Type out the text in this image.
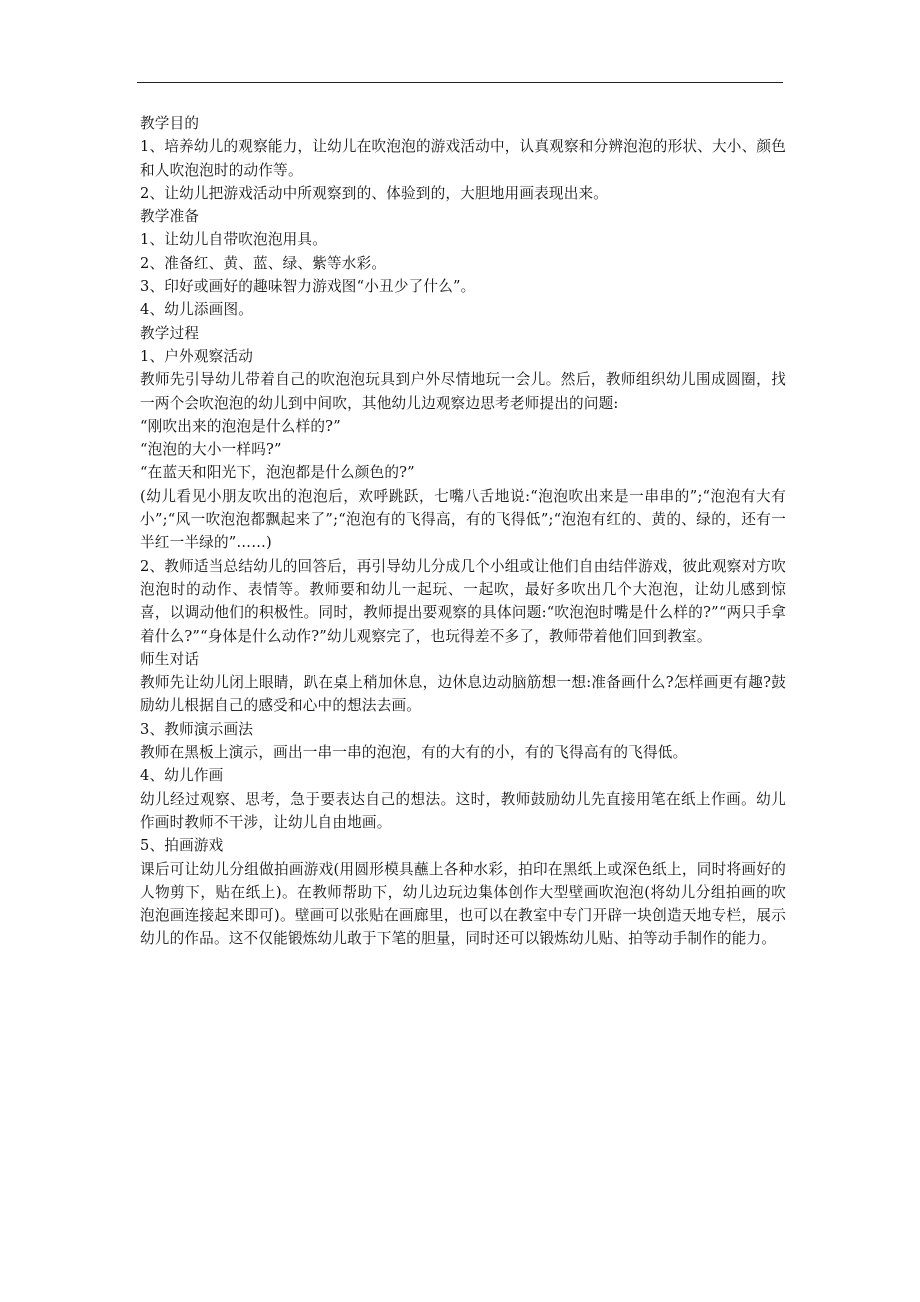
教学目的

1、培养幼儿的观察能力，让幼儿在吹泡泡的游戏活动中，认真观察和分辨泡泡的形状、大小、颜色和人吹泡泡时的动作等。

2、让幼儿把游戏活动中所观察到的、体验到的，大胆地用画表现出来。

教学准备

1、让幼儿自带吹泡泡用具。

2、准备红、黄、蓝、绿、紫等水彩。

3、印好或画好的趣味智力游戏图“小丑少了什么”。

4、幼儿添画图。

教学过程

1、户外观察活动

教师先引导幼儿带着自己的吹泡泡玩具到户外尽情地玩一会儿。然后，教师组织幼儿围成圆圈，找一两个会吹泡泡的幼儿到中间吹，其他幼儿边观察边思考老师提出的问题:

“刚吹出来的泡泡是什么样的?”

“泡泡的大小一样吗?”

“在蓝天和阳光下，泡泡都是什么颜色的?”

(幼儿看见小朋友吹出的泡泡后，欢呼跳跃，七嘴八舌地说:“泡泡吹出来是一串串的”;“泡泡有大有小”;“风一吹泡泡都飘起来了”;“泡泡有的飞得高，有的飞得低”;“泡泡有红的、黄的、绿的，还有一半红一半绿的”……)

2、教师适当总结幼儿的回答后，再引导幼儿分成几个小组或让他们自由结伴游戏，彼此观察对方吹泡泡时的动作、表情等。教师要和幼儿一起玩、一起吹，最好多吹出几个大泡泡，让幼儿感到惊喜，以调动他们的积极性。同时，教师提出要观察的具体问题:“吹泡泡时嘴是什么样的?”“两只手拿着什么?”“身体是什么动作?”幼儿观察完了，也玩得差不多了，教师带着他们回到教室。

师生对话

教师先让幼儿闭上眼睛，趴在桌上稍加休息，边休息边动脑筋想一想:准备画什么?怎样画更有趣?鼓励幼儿根据自己的感受和心中的想法去画。

3、教师演示画法

教师在黑板上演示，画出一串一串的泡泡，有的大有的小，有的飞得高有的飞得低。

4、幼儿作画

幼儿经过观察、思考，急于要表达自己的想法。这时，教师鼓励幼儿先直接用笔在纸上作画。幼儿作画时教师不干涉，让幼儿自由地画。

5、拍画游戏

课后可让幼儿分组做拍画游戏(用圆形模具蘸上各种水彩，拍印在黑纸上或深色纸上，同时将画好的人物剪下，贴在纸上)。在教师帮助下，幼儿边玩边集体创作大型壁画吹泡泡(将幼儿分组拍画的吹泡泡画连接起来即可)。壁画可以张贴在画廊里，也可以在教室中专门开辟一块创造天地专栏，展示幼儿的作品。这不仅能锻炼幼儿敢于下笔的胆量，同时还可以锻炼幼儿贴、拍等动手制作的能力。
